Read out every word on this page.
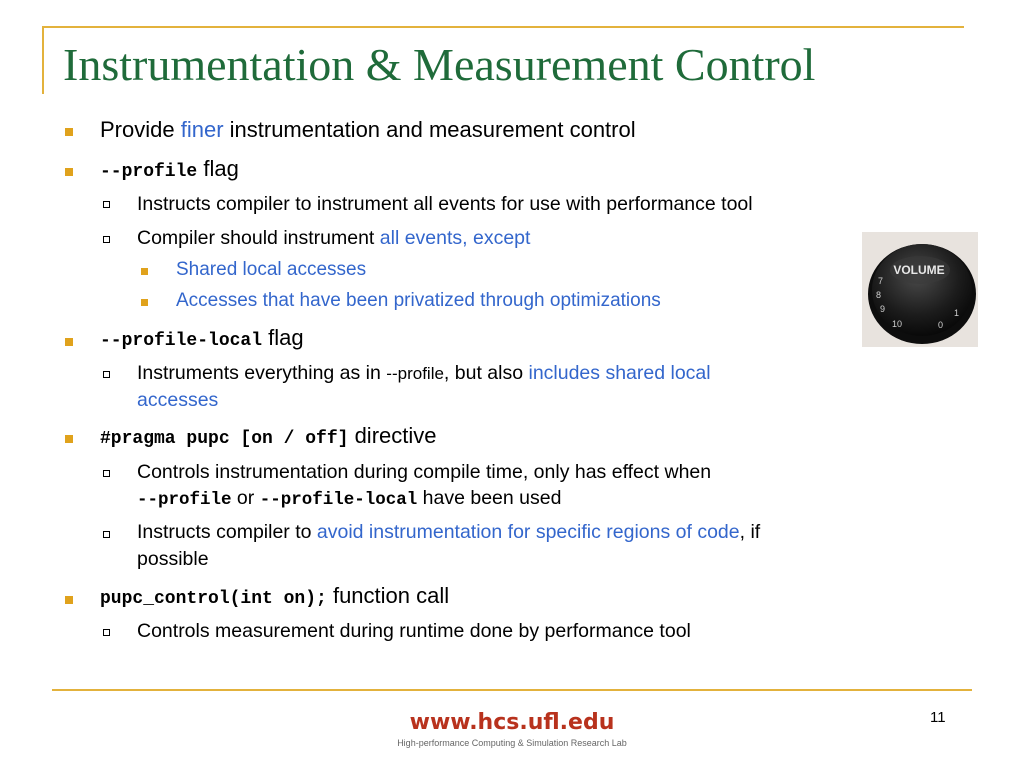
Instrumentation & Measurement Control
Provide finer instrumentation and measurement control
--profile flag
Instructs compiler to instrument all events for use with performance tool
Compiler should instrument all events, except
Shared local accesses
Accesses that have been privatized through optimizations
--profile-local flag
Instruments everything as in --profile, but also includes shared local
accesses
#pragma pupc [on / off] directive
Controls instrumentation during compile time, only has effect when
--profile or --profile-local have been used
Instructs compiler to avoid instrumentation for specific regions of code, if
possible
pupc_control(int on); function call
Controls measurement during runtime done by performance tool
VOLUME
7
8
9
10	0
1
www.hcs.ufl.edu
High-performance Computing & Simulation Research Lab
11
